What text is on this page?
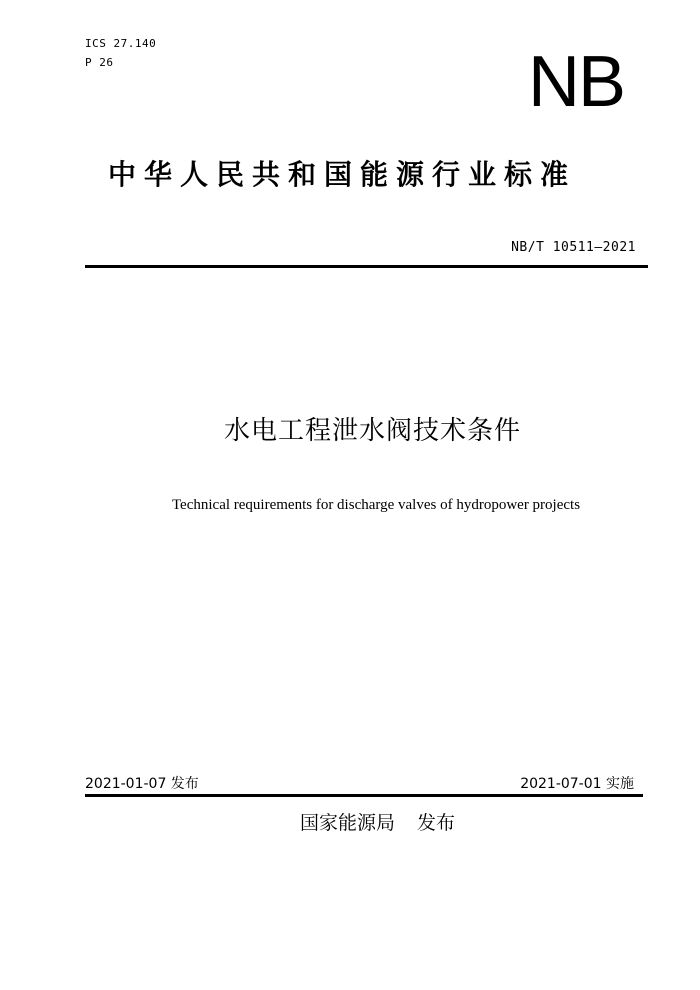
ICS 27.140
P 26	NB
中华人民共和国能源行业标准
NB/T 10511—2021
水电工程泄水阀技术条件
Technical requirements for discharge valves of hydropower projects
2021-01-07 发布	2021-07-01 实施
国家能源局 发布
